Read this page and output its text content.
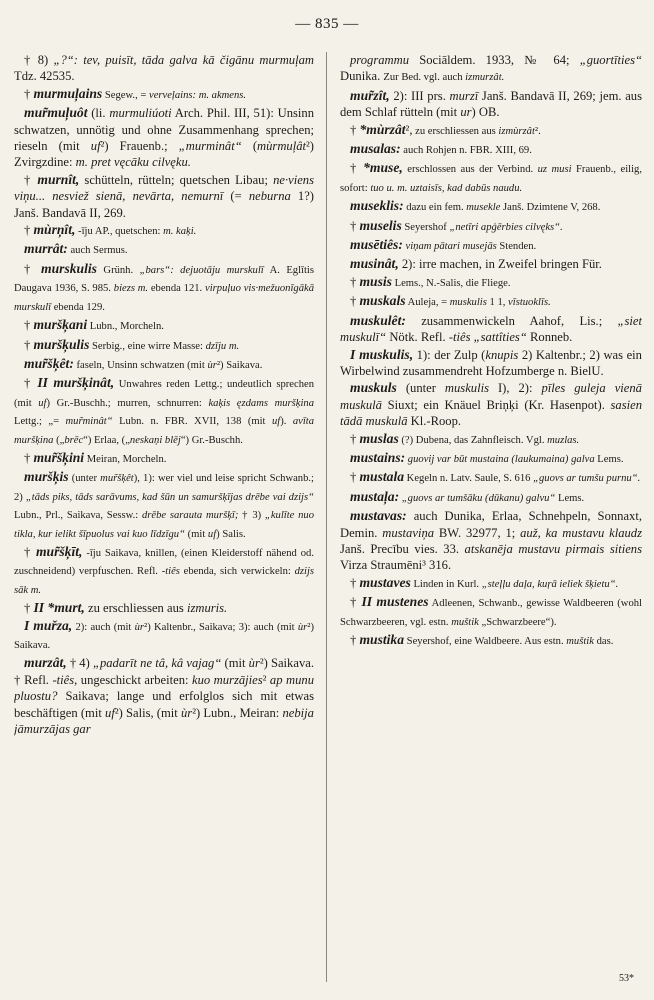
— 835 —

† 8) „?“: tev, puisīt, tāda galva kā čigānu murmuļam Tdz. 42535.

† murmuļains Segew., = verveļains: m. akmens.

mur̃muļuôt (li. murmuliúoti Arch. Phil. III, 51): Unsinn schwatzen, unnötig und ohne Zusammenhang sprechen; rieseln (mit uf²) Frauenb.; „murminât“ (mùrmuļât²) Zvirgzdine: m. pret vęcāku cilvęku.

† murnît, schütteln, rütteln; quetschen Libau; ne·viens viņu... nesviež sienā, nevārta, nemurnī (= neburna 1?) Janš. Bandavā II, 269.

† mùrņît, -īju AP., quetschen: m. kaķi.

murrât: auch Sermus.

† murskulis Grünh. „bars“: dejuotāju murskulī A. Eglītis Daugava 1936, S. 985. biezs m. ebenda 121. virpuļuo vis·mežuonīgākā murskulī ebenda 129.

† muršķani Lubn., Morcheln.

† muršķulis Serbig., eine wirre Masse: dzīju m.

mur̃šķêt: faseln, Unsinn schwatzen (mit ùr²) Saikava.

† II muršķinât, Unwahres reden Lettg.; undeutlich sprechen (mit uf) Gr.-Buschh.; murren, schnurren: kaķis ęzdams muršķina Lettg.; „= mur̃minât“ Lubn. n. FBR. XVII, 138 (mit uf). avīta muršķina („brēc“) Erlaa, („neskaņi blēj“) Gr.-Buschh.

† mur̃šķini Meiran, Morcheln.

muršķis (unter mur̃šķêt), 1): wer viel und leise spricht Schwanb.; 2) „tāds piks, tāds sarāvums, kad šūn un samuršķījas drēbe vai dzijs“ Lubn., Prl., Saikava, Sessw.: drēbe sarauta muršķī; † 3) „kulīte nuo tikla, kur ielikt šīpuolus vai kuo līdzīgu“ (mit uf) Salis.

† mur̃šķīt, -īju Saikava, knillen, (einen Kleiderstoff nähend od. zuschneidend) verpfuschen. Refl. -tiês ebenda, sich verwickeln: dzijs sāk m.

† II *murt, zu erschliessen aus izmuris.

I muřza, 2): auch (mit ùr²) Kaltenbr., Saikava; 3): auch (mit ùr²) Saikava.

murzât, † 4) „padarīt ne tâ, kâ vajag“ (mit ùr²) Saikava. † Refl. -tiês, ungeschickt arbeiten: kuo murzājies² ap munu pluostu? Saikava; lange und erfolglos sich mit etwas beschäftigen (mit uf²) Salis, (mit ùr²) Lubn., Meiran: nebija jāmurzājas gar

programmu Sociāldem. 1933, № 64; „guortīties“ Dunika. Zur Bed. vgl. auch izmurzât.

mur̃zît, 2): III prs. murzī Janš. Bandavā II, 269; jem. aus dem Schlaf rütteln (mit ur) OB.

† *mùrzât², zu erschliessen aus izmùrzât².

musalas: auch Rohjen n. FBR. XIII, 69.

† *muse, erschlossen aus der Verbind. uz musi Frauenb., eilig, sofort: tuo u. m. uztaisīs, kad dabūs naudu.

museklis: dazu ein fem. musekle Janš. Dzimtene V, 268.

† muselis Seyershof „netīri apģērbies cilvęks“.

musētiês: viņam pātari musejās Stenden.

musinât, 2): irre machen, in Zweifel bringen Für.

† musis Lems., N.-Salis, die Fliege.

† muskals Auleja, = muskulis 1 1, vīstuoklīs.

muskulêt: zusammenwickeln Aahof, Lis.; „siet muskulī“ Nötk. Refl. -tiês „sattîties“ Ronneb.

I muskulis, 1): der Zulp (knupis 2) Kaltenbr.; 2) was ein Wirbelwind zusammendreht Hofzumberge n. BielU.

muskuls (unter muskulis I), 2): pīles guleja vienā muskulā Siuxt; ein Knäuel Briņķi (Kr. Hasenpot). sasien tādā muskulā Kl.-Roop.

† muslas (?) Dubena, das Zahnfleisch. Vgl. muzlas.

mustains: guovij var būt mustaina (laukumaina) galva Lems.

† mustala Kegeln n. Latv. Saule, S. 616 „guovs ar tumšu purnu“.

mustaļa: „guovs ar tumšāku (dūkanu) galvu“ Lems.

mustavas: auch Dunika, Erlaa, Schnehpeln, Sonnaxt, Demin. mustaviņa BW. 32977, 1; auž, ka mustavu klaudz Janš. Precību vies. 33. atskanēja mustavu pirmais sitiens Virza Straumēni³ 316.

† mustaves Linden in Kurl. „steļļu daļa, kuŗā ieliek šķietu“.

† II mustenes Adleenen, Schwanb., gewisse Waldbeeren (wohl Schwarzbeeren, vgl. estn. muštik „Schwarzbeere“).

† mustika Seyershof, eine Waldbeere. Aus estn. muštik das.

53*
